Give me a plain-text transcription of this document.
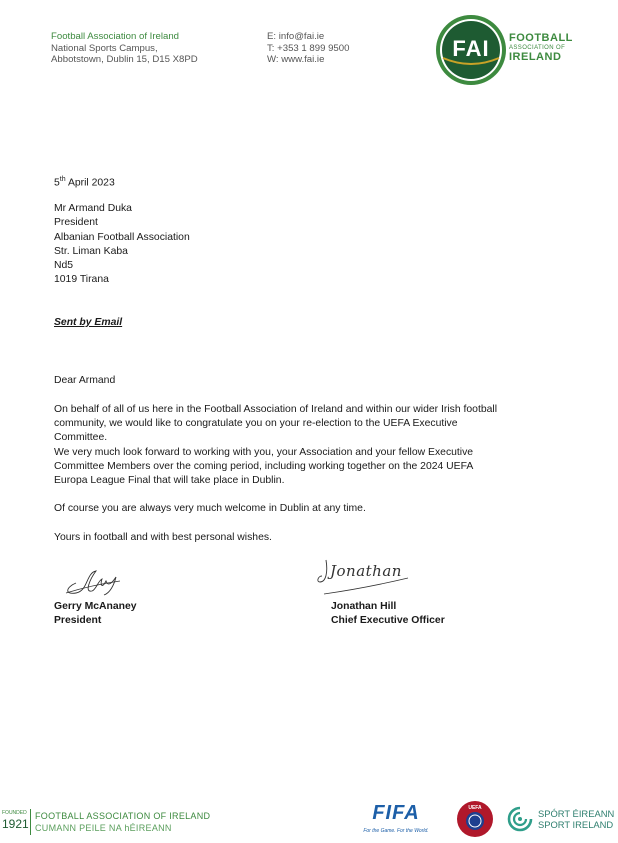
Football Association of Ireland
National Sports Campus,
Abbotstown, Dublin 15, D15 X8PD
E: info@fai.ie
T: +353 1 899 9500
W: www.fai.ie	FAI	FOOTBALL
ASSOCIATION OF
IRELAND
5th April 2023
Mr Armand Duka
President
Albanian Football Association
Str. Liman Kaba
Nd5
1019 Tirana
Sent by Email
Dear Armand
On behalf of all of us here in the Football Association of Ireland and within our wider Irish football community, we would like to congratulate you on your re-election to the UEFA Executive Committee.
We very much look forward to working with you, your Association and your fellow Executive Committee Members over the coming period, including working together on the 2024 UEFA Europa League Final that will take place in Dublin.
Of course you are always very much welcome in Dublin at any time.
Yours in football and with best personal wishes.
Jonathan
Gerry McAnaney
President
Jonathan Hill
Chief Executive Officer
FOUNDED
1921
FOOTBALL ASSOCIATION OF IRELAND
CUMANN PEILE NA hÉIREANN
FIFA
For the Game. For the World.
UEFA	SPÓRT ÉIREANN
SPORT IRELAND
